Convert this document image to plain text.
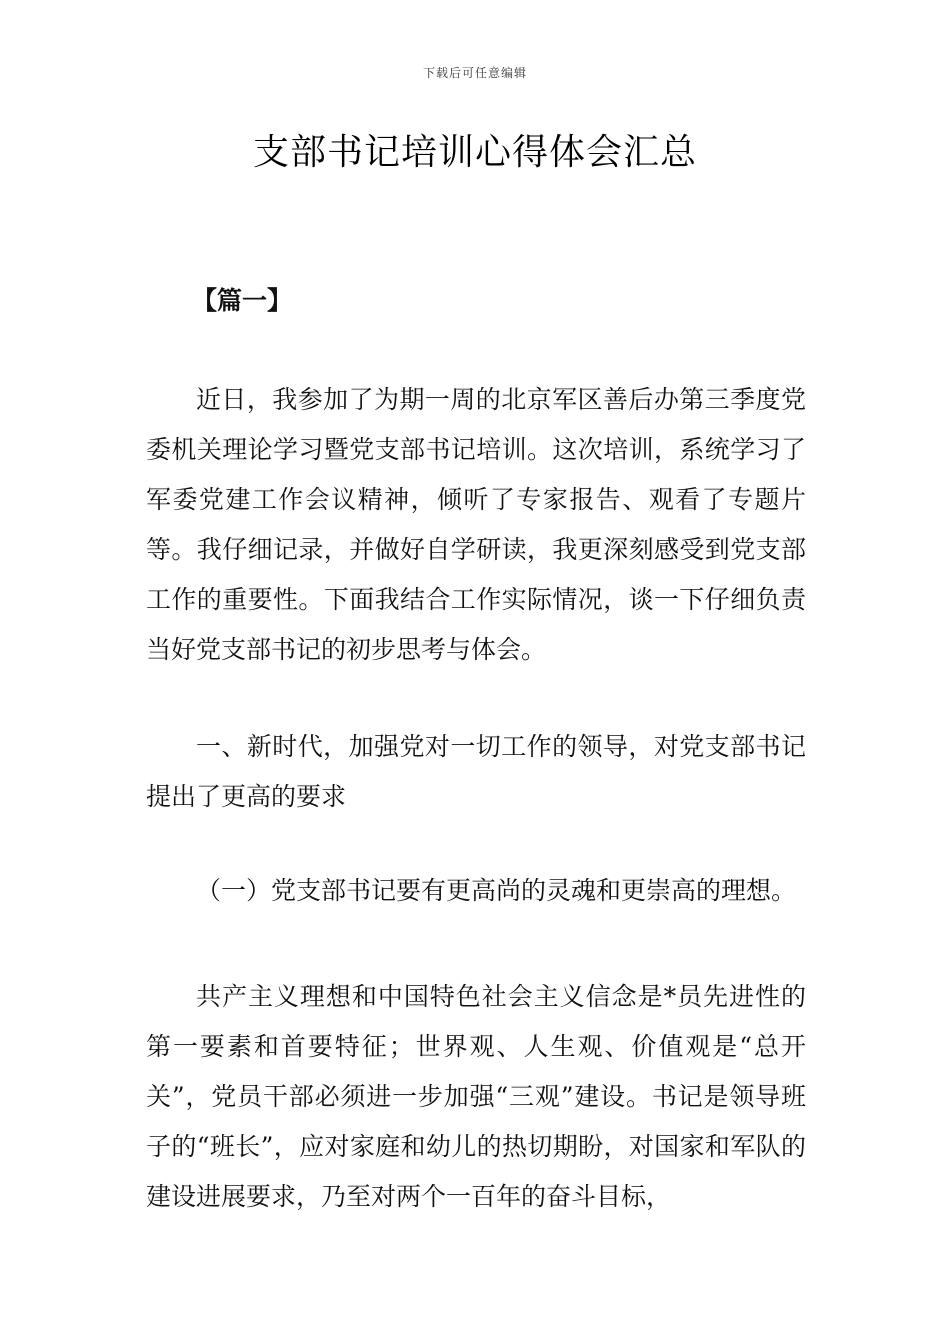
下载后可任意编辑
支部书记培训心得体会汇总

【篇一】

近日，我参加了为期一周的北京军区善后办第三季度党委机关理论学习暨党支部书记培训。这次培训，系统学习了军委党建工作会议精神，倾听了专家报告、观看了专题片等。我仔细记录，并做好自学研读，我更深刻感受到党支部工作的重要性。下面我结合工作实际情况，谈一下仔细负责当好党支部书记的初步思考与体会。

一、新时代，加强党对一切工作的领导，对党支部书记提出了更高的要求

（一）党支部书记要有更高尚的灵魂和更崇高的理想。

共产主义理想和中国特色社会主义信念是*员先进性的第一要素和首要特征；世界观、人生观、价值观是“总开关”，党员干部必须进一步加强“三观”建设。书记是领导班子的“班长”，应对家庭和幼儿的热切期盼，对国家和军队的建设进展要求，乃至对两个一百年的奋斗目标，
